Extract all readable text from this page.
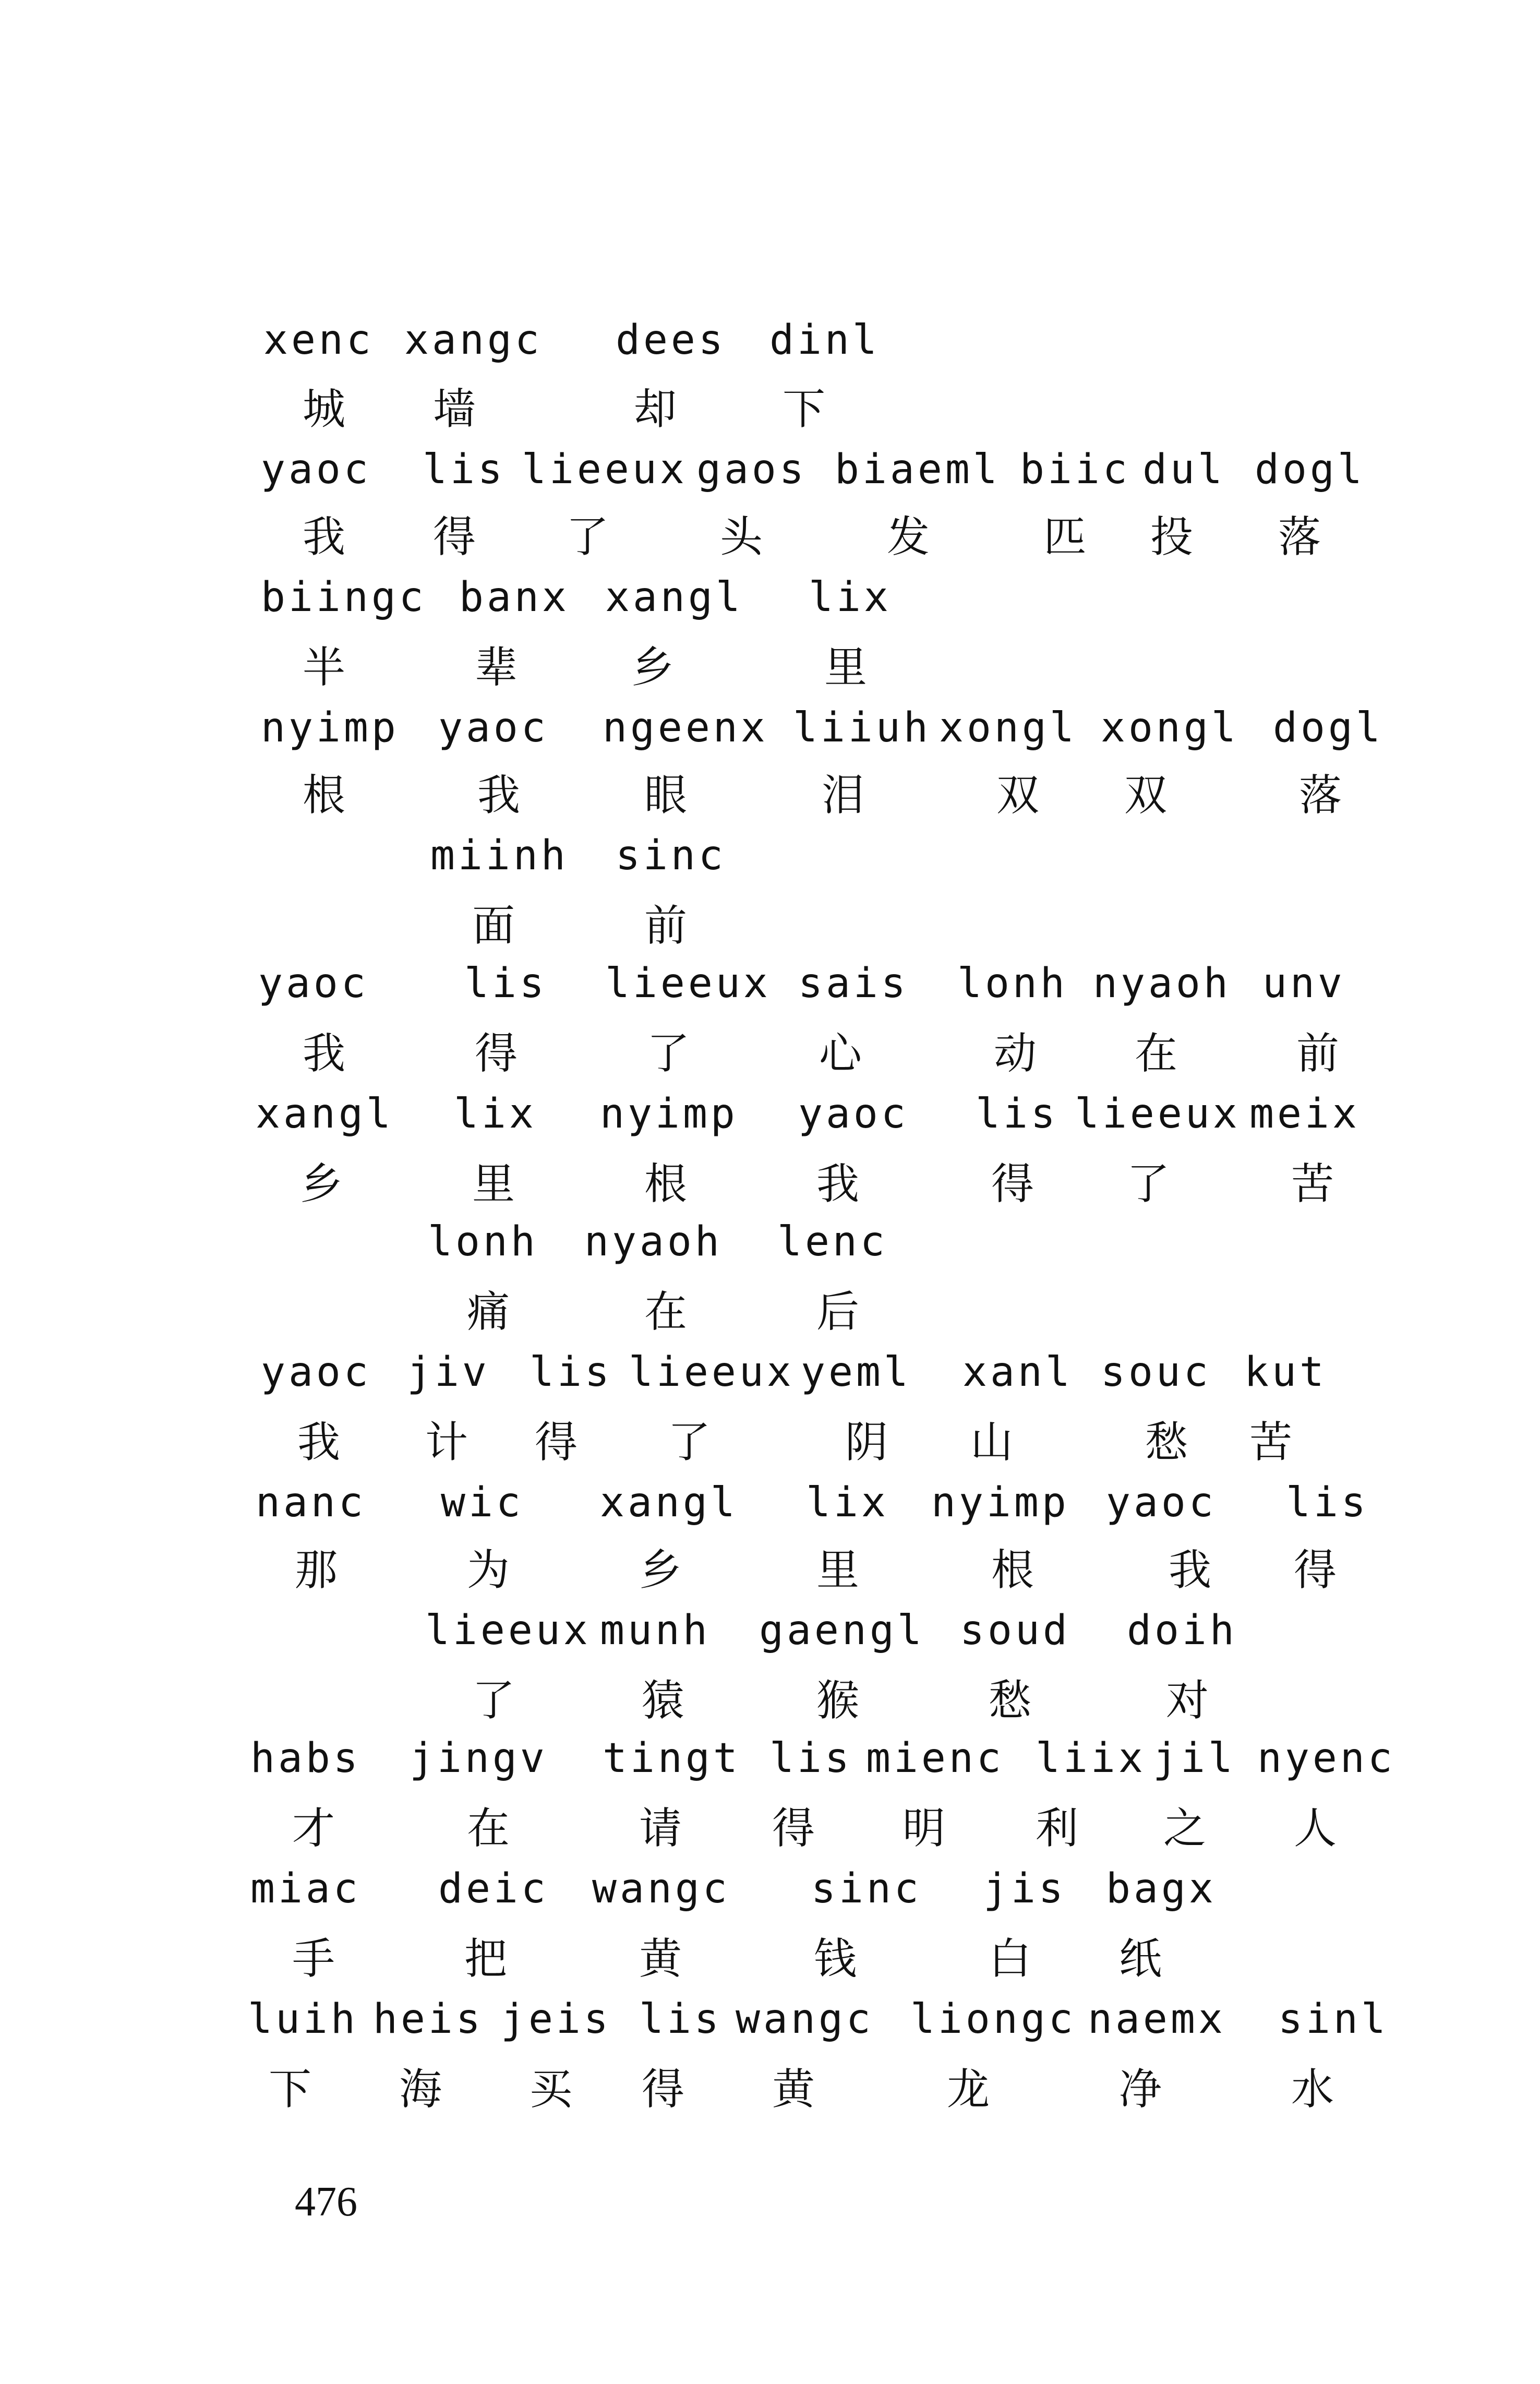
xenc xangc dees dinl
城 墙	却 下
yaoc lis lieeux gaos biaeml biic dul dogl
我 得 了	头	发	匹 投 落
biingc banx xangl lix
半	辈	乡	里
nyimp yaoc ngeenx liiuh xongl xongl dogl
根	我	眼	泪	双 双	落
miinh sinc
面	前
yaoc lis lieeux sais lonh nyaoh unv
我	得	了	心	动 在	前
xangl lix nyimp yaoc lis lieeux meix
乡	里	根	我	得 了	苦
lonh nyaoh lenc
痛	在	后
yaoc jiv lis lieeux yeml xanl souc kut
我 计 得 了	阴 山	愁 苦
nanc wic xangl lix nyimp yaoc lis
那	为	乡	里	根	我 得
lieeux munh gaengl soud doih
了	猿	猴	愁	对
habs jingv tingt lis mienc liix jil nyenc
才	在	请 得 明 利 之 人
miac deic wangc sinc jis bagx
手	把	黄	钱	白 纸
luih heis jeis lis wangc liongc naemx sinl
下 海 买 得 黄	龙	净	水
476
